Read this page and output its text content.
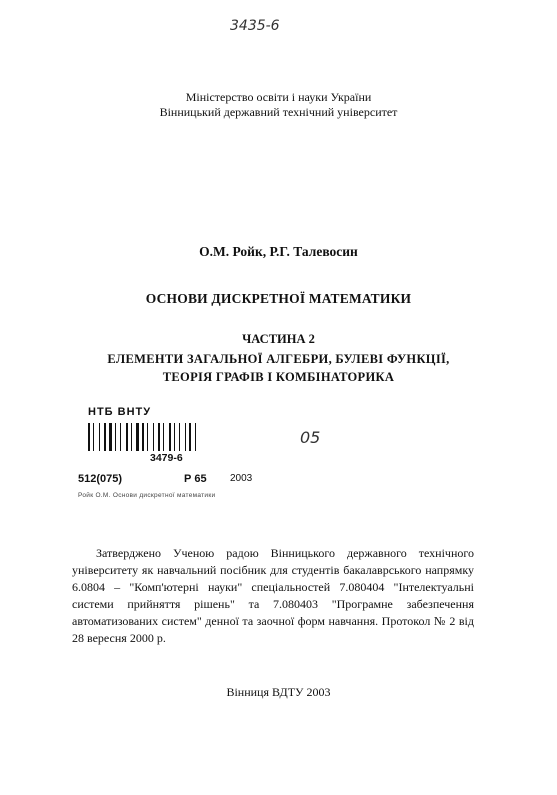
3435-6
Міністерство освіти і науки України
Вінницький державний технічний університет
О.М. Ройк, Р.Г. Талевосин
ОСНОВИ ДИСКРЕТНОЇ МАТЕМАТИКИ
ЧАСТИНА 2
ЕЛЕМЕНТИ ЗАГАЛЬНОЇ АЛГЕБРИ, БУЛЕВІ ФУНКЦІЇ,
ТЕОРІЯ ГРАФІВ І КОМБІНАТОРИКА
НТБ ВНТУ
3479-6
512(075)	Р 65 2003
Ройк О.М. Основи дискретної математики
05
Затверджено Ученою радою Вінницького державного технічного університету як навчальний посібник для студентів бакалаврського напрямку 6.0804 – "Комп'ютерні науки" спеціальностей 7.080404 "Інтелектуальні системи прийняття рішень" та 7.080403 "Програмне забезпечення автоматизованих систем" денної та заочної форм навчання. Протокол № 2 від 28 вересня 2000 р.
Вінниця ВДТУ 2003
